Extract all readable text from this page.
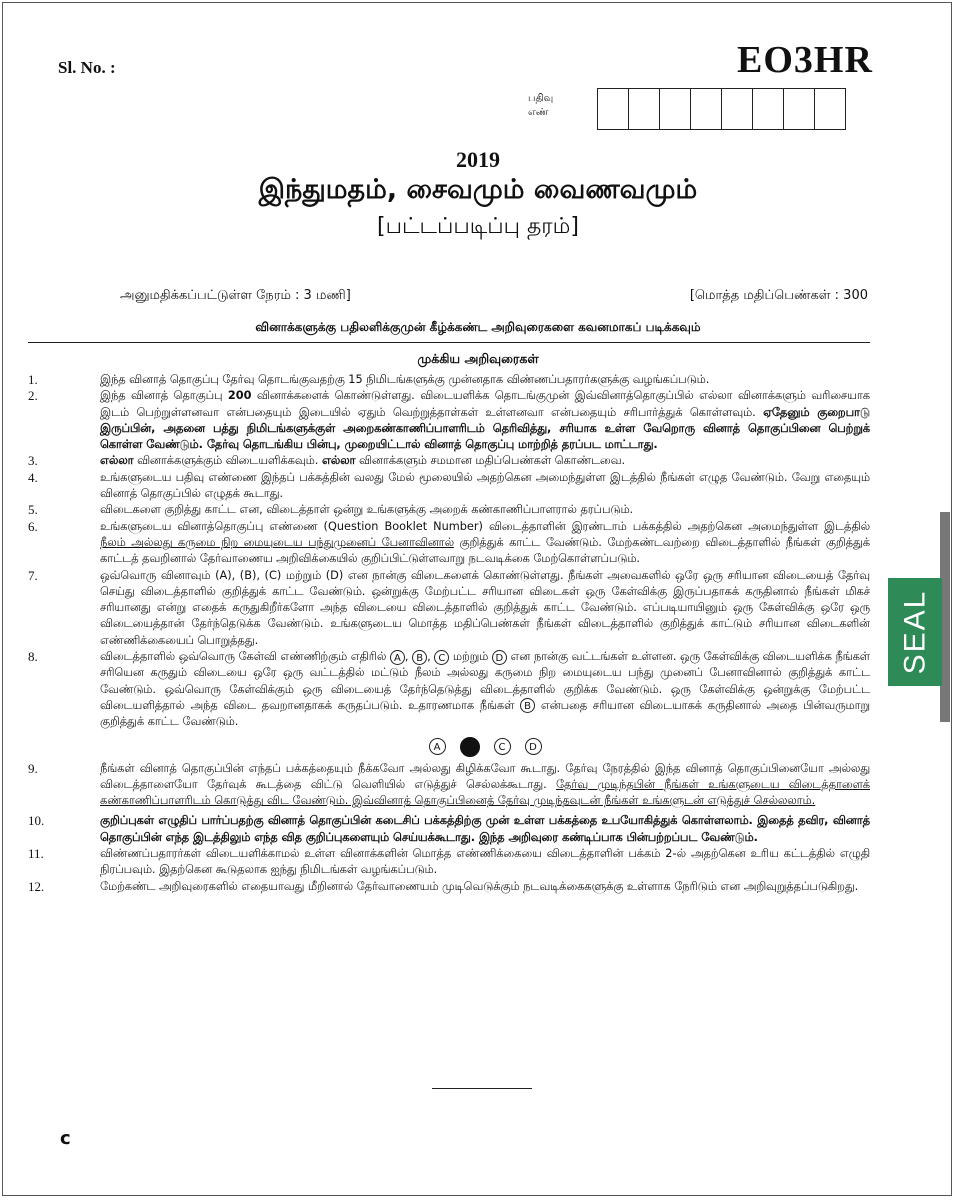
Sl. No. :	EO3HR
பதிவு
எண்
2019
இந்துமதம், சைவமும் வைணவமும்
[பட்டப்படிப்பு தரம்]
அனுமதிக்கப்பட்டுள்ள நேரம் : 3 மணி]	[மொத்த மதிப்பெண்கள் : 300
வினாக்களுக்கு பதிலளிக்குமுன் கீழ்க்கண்ட அறிவுரைகளை கவனமாகப் படிக்கவும்
முக்கிய அறிவுரைகள்
1.	இந்த வினாத் தொகுப்பு தேர்வு தொடங்குவதற்கு 15 நிமிடங்களுக்கு முன்னதாக விண்ணப்பதாரர்களுக்கு வழங்கப்படும்.
2.	இந்த வினாத் தொகுப்பு 200 வினாக்களைக் கொண்டுள்ளது. விடையளிக்க தொடங்குமுன் இவ்வினாத்தொகுப்பில் எல்லா வினாக்களும் வரிசையாக இடம் பெற்றுள்ளனவா என்பதையும் இடையில் ஏதும் வெற்றுத்தாள்கள் உள்ளனவா என்பதையும் சரிபார்த்துக் கொள்ளவும். ஏதேனும் குறைபாடு இருப்பின், அதனை பத்து நிமிடங்களுக்குள் அறைகண்காணிப்பாளரிடம் தெரிவித்து, சரியாக உள்ள வேறொரு வினாத் தொகுப்பினை பெற்றுக் கொள்ள வேண்டும். தேர்வு தொடங்கிய பின்பு, முறையிட்டால் வினாத் தொகுப்பு மாற்றித் தரப்பட மாட்டாது.
3.	எல்லா வினாக்களுக்கும் விடையளிக்கவும். எல்லா வினாக்களும் சமமான மதிப்பெண்கள் கொண்டவை.
4.	உங்களுடைய பதிவு எண்ணை இந்தப் பக்கத்தின் வலது மேல் மூலையில் அதற்கென அமைந்துள்ள இடத்தில் நீங்கள் எழுத வேண்டும். வேறு எதையும் வினாத் தொகுப்பில் எழுதக் கூடாது.
5.	விடைகளை குறித்து காட்ட என, விடைத்தாள் ஒன்று உங்களுக்கு அறைக் கண்காணிப்பாளரால் தரப்படும்.
6.	உங்களுடைய வினாத்தொகுப்பு எண்ணை (Question Booklet Number) விடைத்தாளின் இரண்டாம் பக்கத்தில் அதற்கென அமைந்துள்ள இடத்தில் நீலம் அல்லது கருமை நிற மையுடைய பந்துமுனைப் பேனாவினால் குறித்துக் காட்ட வேண்டும். மேற்கண்டவற்றை விடைத்தாளில் நீங்கள் குறித்துக் காட்டத் தவறினால் தேர்வாணைய அறிவிக்கையில் குறிப்பிட்டுள்ளவாறு நடவடிக்கை மேற்கொள்ளப்படும்.
7.	ஒவ்வொரு வினாவும் (A), (B), (C) மற்றும் (D) என நான்கு விடைகளைக் கொண்டுள்ளது. நீங்கள் அவைகளில் ஒரே ஒரு சரியான விடையைத் தேர்வு செய்து விடைத்தாளில் குறித்துக் காட்ட வேண்டும். ஒன்றுக்கு மேற்பட்ட சரியான விடைகள் ஒரு கேள்விக்கு இருப்பதாகக் கருதினால் நீங்கள் மிகச் சரியானது என்று எதைக் கருதுகிறீர்களோ அந்த விடையை விடைத்தாளில் குறித்துக் காட்ட வேண்டும். எப்படியாயினும் ஒரு கேள்விக்கு ஒரே ஒரு விடையைத்தான் தேர்ந்தெடுக்க வேண்டும். உங்களுடைய மொத்த மதிப்பெண்கள் நீங்கள் விடைத்தாளில் குறித்துக் காட்டும் சரியான விடைகளின் எண்ணிக்கையைப் பொறுத்தது.
8.	விடைத்தாளில் ஒவ்வொரு கேள்வி எண்ணிற்கும் எதிரில் A , B , C மற்றும் D என நான்கு வட்டங்கள் உள்ளன. ஒரு கேள்விக்கு விடையளிக்க நீங்கள் சரியென கருதும் விடையை ஒரே ஒரு வட்டத்தில் மட்டும் நீலம் அல்லது கருமை நிற மையுடைய பந்து முனைப் பேனாவினால் குறித்துக் காட்ட வேண்டும். ஒவ்வொரு கேள்விக்கும் ஒரு விடையைத் தேர்ந்தெடுத்து விடைத்தாளில் குறிக்க வேண்டும். ஒரு கேள்விக்கு ஒன்றுக்கு மேற்பட்ட விடையளித்தால் அந்த விடை தவறானதாகக் கருதப்படும். உதாரணமாக நீங்கள் B என்பதை சரியான விடையாகக் கருதினால் அதை பின்வருமாறு குறித்துக் காட்ட வேண்டும்.
A	C D
9.	நீங்கள் வினாத் தொகுப்பின் எந்தப் பக்கத்தையும் நீக்கவோ அல்லது கிழிக்கவோ கூடாது. தேர்வு நேரத்தில் இந்த வினாத் தொகுப்பினையோ அல்லது விடைத்தாளையோ தேர்வுக் கூடத்தை விட்டு வெளியில் எடுத்துச் செல்லக்கூடாது. தேர்வு முடிந்தபின் நீங்கள் உங்களுடைய விடைத்தாளைக் கண்காணிப்பாளரிடம் கொடுத்து விட வேண்டும். இவ்வினாத் தொகுப்பினைத் தேர்வு முடிந்தவுடன் நீங்கள் உங்களுடன் எடுத்துச் செல்லலாம்.
10.	குறிப்புகள் எழுதிப் பார்ப்பதற்கு வினாத் தொகுப்பின் கடைசிப் பக்கத்திற்கு முன் உள்ள பக்கத்தை உபயோகித்துக் கொள்ளலாம். இதைத் தவிர, வினாத் தொகுப்பின் எந்த இடத்திலும் எந்த வித குறிப்புகளையும் செய்யக்கூடாது. இந்த அறிவுரை கண்டிப்பாக பின்பற்றப்பட வேண்டும்.
11.	விண்ணப்பதாரர்கள் விடையளிக்காமல் உள்ள வினாக்களின் மொத்த எண்ணிக்கையை விடைத்தாளின் பக்கம் 2-ல் அதற்கென உரிய கட்டத்தில் எழுதி நிரப்பவும். இதற்கென கூடுதலாக ஐந்து நிமிடங்கள் வழங்கப்படும்.
12.	மேற்கண்ட அறிவுரைகளில் எதையாவது மீறினால் தேர்வாணையம் முடிவெடுக்கும் நடவடிக்கைகளுக்கு உள்ளாக நேரிடும் என அறிவுறுத்தப்படுகிறது.
SEAL
c
